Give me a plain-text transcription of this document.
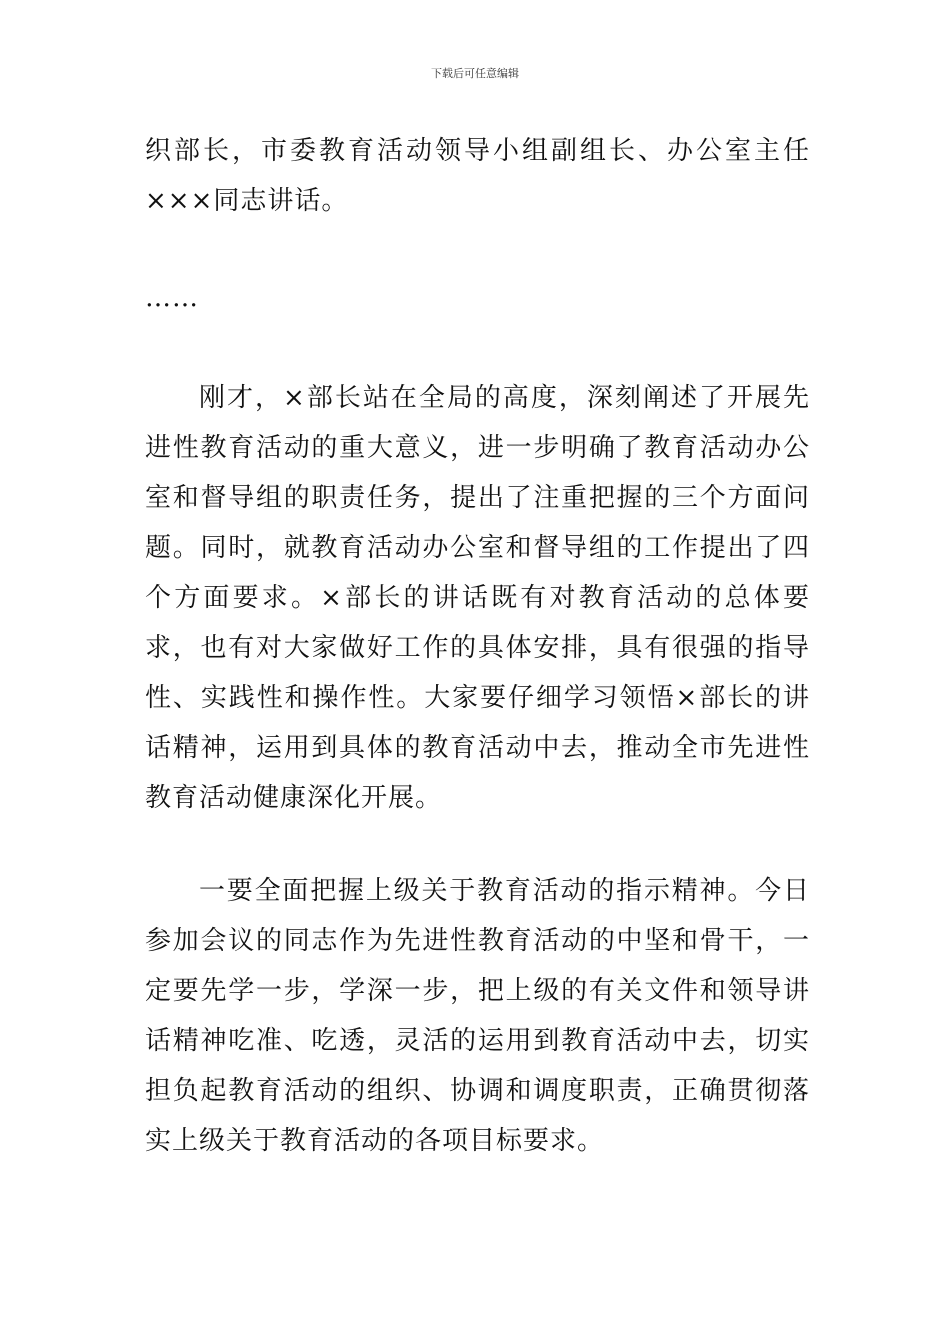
下载后可任意编辑

织部长，市委教育活动领导小组副组长、办公室主任×××同志讲话。

……

刚才，×部长站在全局的高度，深刻阐述了开展先进性教育活动的重大意义，进一步明确了教育活动办公室和督导组的职责任务，提出了注重把握的三个方面问题。同时，就教育活动办公室和督导组的工作提出了四个方面要求。×部长的讲话既有对教育活动的总体要求，也有对大家做好工作的具体安排，具有很强的指导性、实践性和操作性。大家要仔细学习领悟×部长的讲话精神，运用到具体的教育活动中去，推动全市先进性教育活动健康深化开展。

一要全面把握上级关于教育活动的指示精神。今日参加会议的同志作为先进性教育活动的中坚和骨干，一定要先学一步，学深一步，把上级的有关文件和领导讲话精神吃准、吃透，灵活的运用到教育活动中去，切实担负起教育活动的组织、协调和调度职责，正确贯彻落实上级关于教育活动的各项目标要求。
